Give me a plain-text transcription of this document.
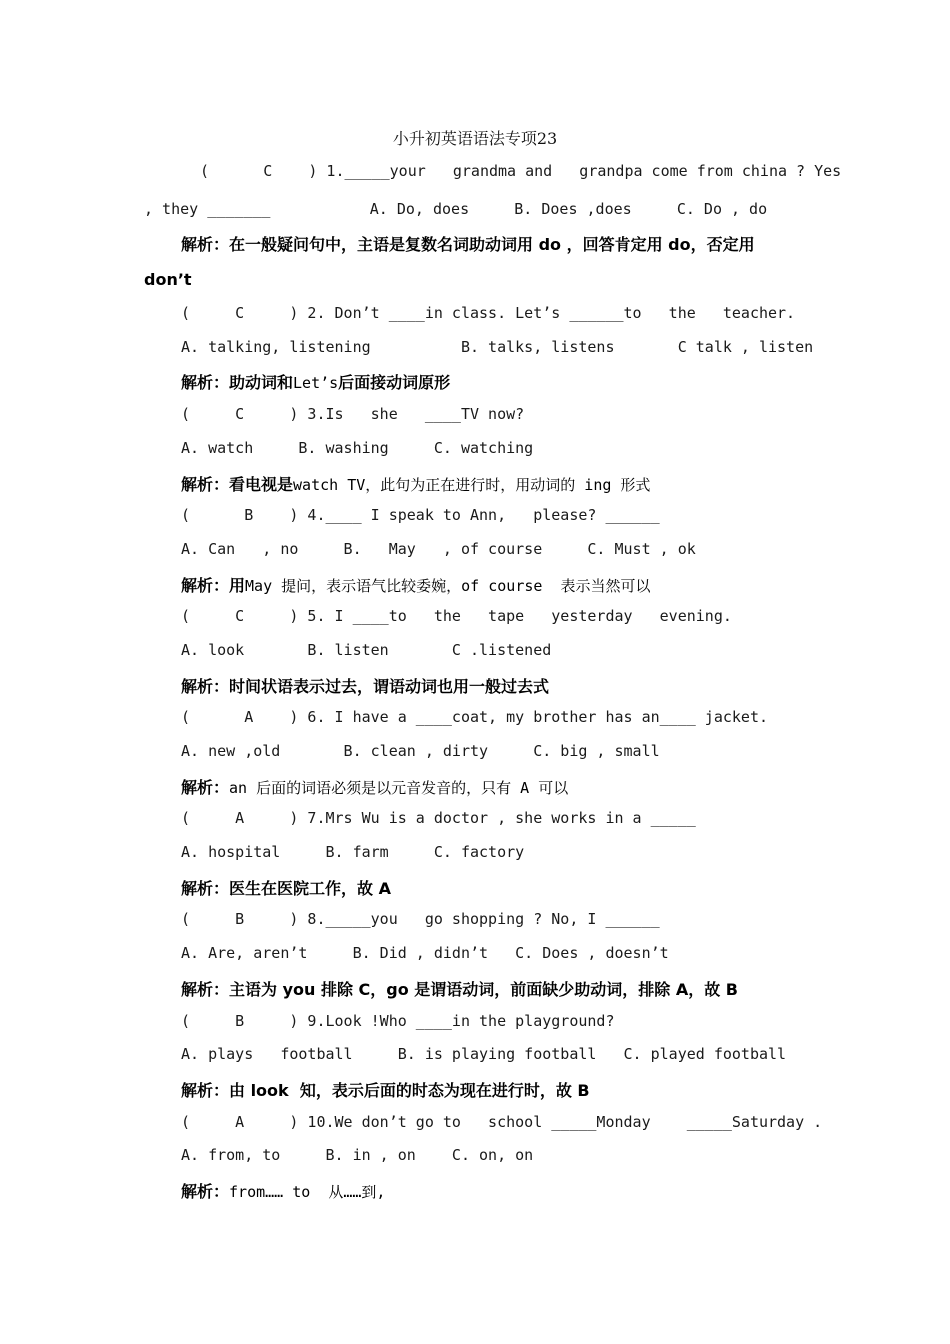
小升初英语语法专项23
(      C    ) 1._____your   grandma and   grandpa come from china ? Yes
, they _______           A. Do, does     B. Does ,does     C. Do , do
解析：在一般疑问句中，主语是复数名词助动词用 do ，回答肯定用 do，否定用
don’t
(     C     ) 2. Don’t ____in class. Let’s ______to   the   teacher.
A. talking, listening          B. talks, listens       C talk , listen
解析：助动词和Let’s后面接动词原形
(     C     ) 3.Is   she   ____TV now?
A. watch     B. washing     C. watching
解析：看电视是watch TV，此句为正在进行时，用动词的 ing 形式
(      B    ) 4.____ I speak to Ann,   please? ______
A. Can   , no     B.   May   , of course     C. Must , ok
解析：用May 提问，表示语气比较委婉，of course  表示当然可以
(     C     ) 5. I ____to   the   tape   yesterday   evening.
A. look       B. listen       C .listened
解析：时间状语表示过去，谓语动词也用一般过去式
(      A    ) 6. I have a ____coat, my brother has an____ jacket.
A. new ,old       B. clean , dirty     C. big , small
解析：an 后面的词语必须是以元音发音的，只有 A 可以
(     A     ) 7.Mrs Wu is a doctor , she works in a _____
A. hospital     B. farm     C. factory
解析：医生在医院工作，故 A
(     B     ) 8._____you   go shopping ? No, I ______
A. Are, aren’t     B. Did , didn’t   C. Does , doesn’t
解析：主语为 you 排除 C，go 是谓语动词，前面缺少助动词，排除 A，故 B
(     B     ) 9.Look !Who ____in the playground?
A. plays   football     B. is playing football   C. played football
解析：由 look  知，表示后面的时态为现在进行时，故 B
(     A     ) 10.We don’t go to   school _____Monday    _____Saturday .
A. from, to     B. in , on    C. on, on
解析：from…… to  从……到,
